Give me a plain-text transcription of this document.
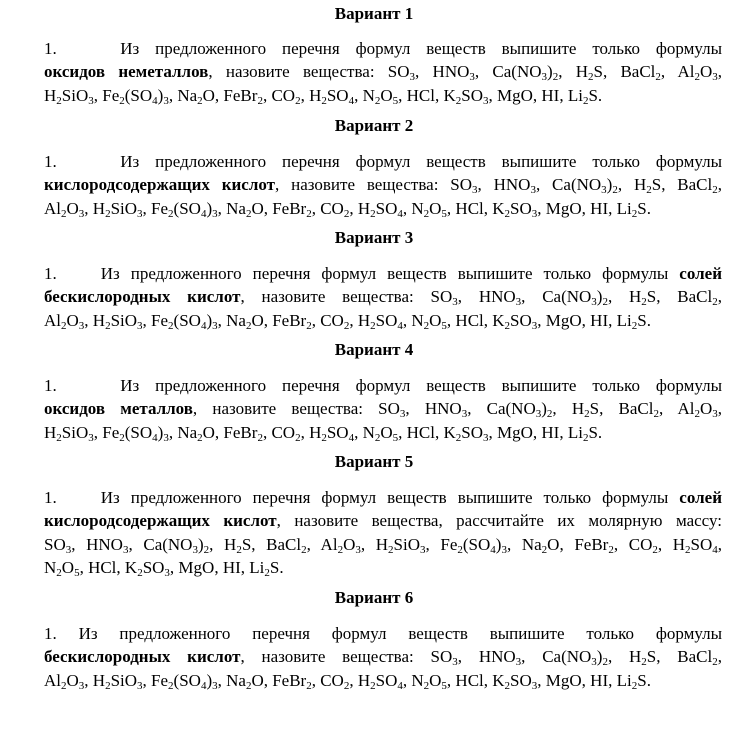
Вариант 1
1.    Из предложенного перечня формул веществ выпишите только формулы
оксидов неметаллов, назовите вещества: $SO_3$, $HNO_3$, $Ca(NO_3)_2$, $H_2S$, BaCl$_2$, $Al_2O_3$,
$H_2SiO_3$, $Fe_2(SO_4)_3$, $Na_2O$, FeBr$_2$, $CO_2$, $H_2SO_4$, $N_2O_5$, HCl, $K_2SO_3$, MgO, HI, $Li_2S$.
Вариант 2
1.    Из предложенного перечня формул веществ выпишите только формулы
кислородсодержащих кислот, назовите вещества: $SO_3$, $HNO_3$, $Ca(NO_3)_2$, $H_2S$, BaCl$_2$,
$Al_2O_3$, $H_2SiO_3$, $Fe_2(SO_4)_3$, $Na_2O$, FeBr$_2$, $CO_2$, $H_2SO_4$, $N_2O_5$, HCl, $K_2SO_3$, MgO, HI, $Li_2S$.
Вариант 3
1.    Из предложенного перечня формул веществ выпишите только формулы солей
бескислородных кислот, назовите вещества: $SO_3$, $HNO_3$, $Ca(NO_3)_2$, $H_2S$, BaCl$_2$,
$Al_2O_3$, $H_2SiO_3$, $Fe_2(SO_4)_3$, $Na_2O$, FeBr$_2$, $CO_2$, $H_2SO_4$, $N_2O_5$, HCl, $K_2SO_3$, MgO, HI, $Li_2S$.
Вариант 4
1.    Из предложенного перечня формул веществ выпишите только формулы
оксидов металлов, назовите вещества: $SO_3$, $HNO_3$, $Ca(NO_3)_2$, $H_2S$, BaCl$_2$, $Al_2O_3$,
$H_2SiO_3$, $Fe_2(SO_4)_3$, $Na_2O$, FeBr$_2$, $CO_2$, $H_2SO_4$, $N_2O_5$, HCl, $K_2SO_3$, MgO, HI, $Li_2S$.
Вариант 5
1.    Из предложенного перечня формул веществ выпишите только формулы солей
кислородсодержащих кислот, назовите вещества, рассчитайте их молярную массу:
$SO_3$, $HNO_3$, $Ca(NO_3)_2$, $H_2S$, BaCl$_2$, $Al_2O_3$, $H_2SiO_3$, $Fe_2(SO_4)_3$, $Na_2O$, FeBr$_2$, $CO_2$, $H_2SO_4$,
$N_2O_5$, HCl, $K_2SO_3$, MgO, HI, $Li_2S$.
Вариант 6
1. Из предложенного перечня формул веществ выпишите только формулы
бескислородных кислот, назовите вещества: $SO_3$, $HNO_3$, $Ca(NO_3)_2$, $H_2S$, BaCl$_2$,
$Al_2O_3$, $H_2SiO_3$, $Fe_2(SO_4)_3$, $Na_2O$, FeBr$_2$, $CO_2$, $H_2SO_4$, $N_2O_5$, HCl, $K_2SO_3$, MgO, HI, $Li_2S$.
